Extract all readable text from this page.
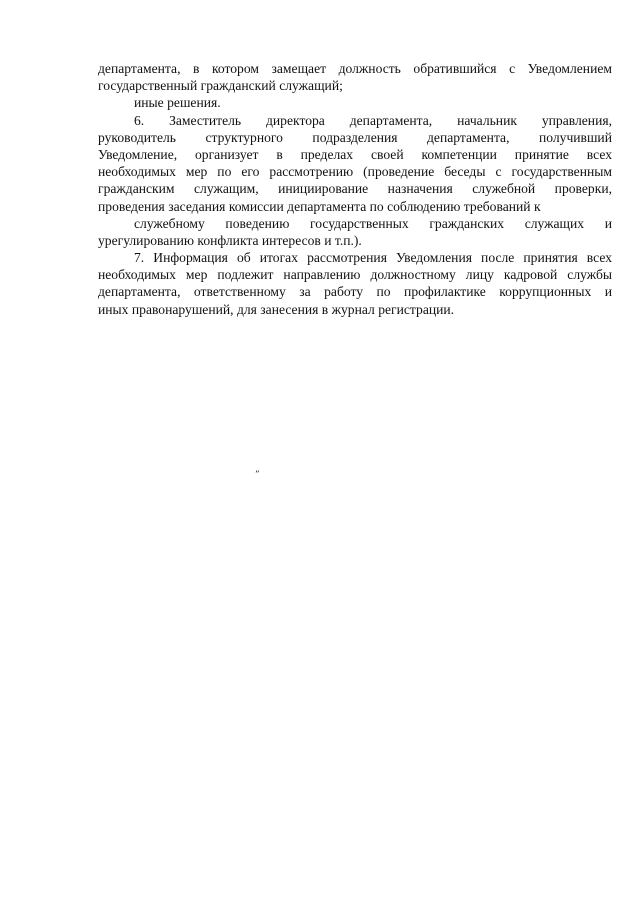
департамента, в котором замещает должность обратившийся с Уведомлением
государственный гражданский служащий;
иные решения.
6. Заместитель директора департамента, начальник управления,
руководитель структурного подразделения департамента, получивший
Уведомление, организует в пределах своей компетенции принятие всех
необходимых мер по его рассмотрению (проведение беседы с государственным
гражданским служащим, инициирование назначения служебной проверки,
проведения заседания комиссии департамента по соблюдению требований к
служебному поведению государственных гражданских служащих и
урегулированию конфликта интересов и т.п.).
7. Информация об итогах рассмотрения Уведомления после принятия всех
необходимых мер подлежит направлению должностному лицу кадровой службы
департамента, ответственному за работу по профилактике коррупционных и
иных правонарушений, для занесения в журнал регистрации.
”
